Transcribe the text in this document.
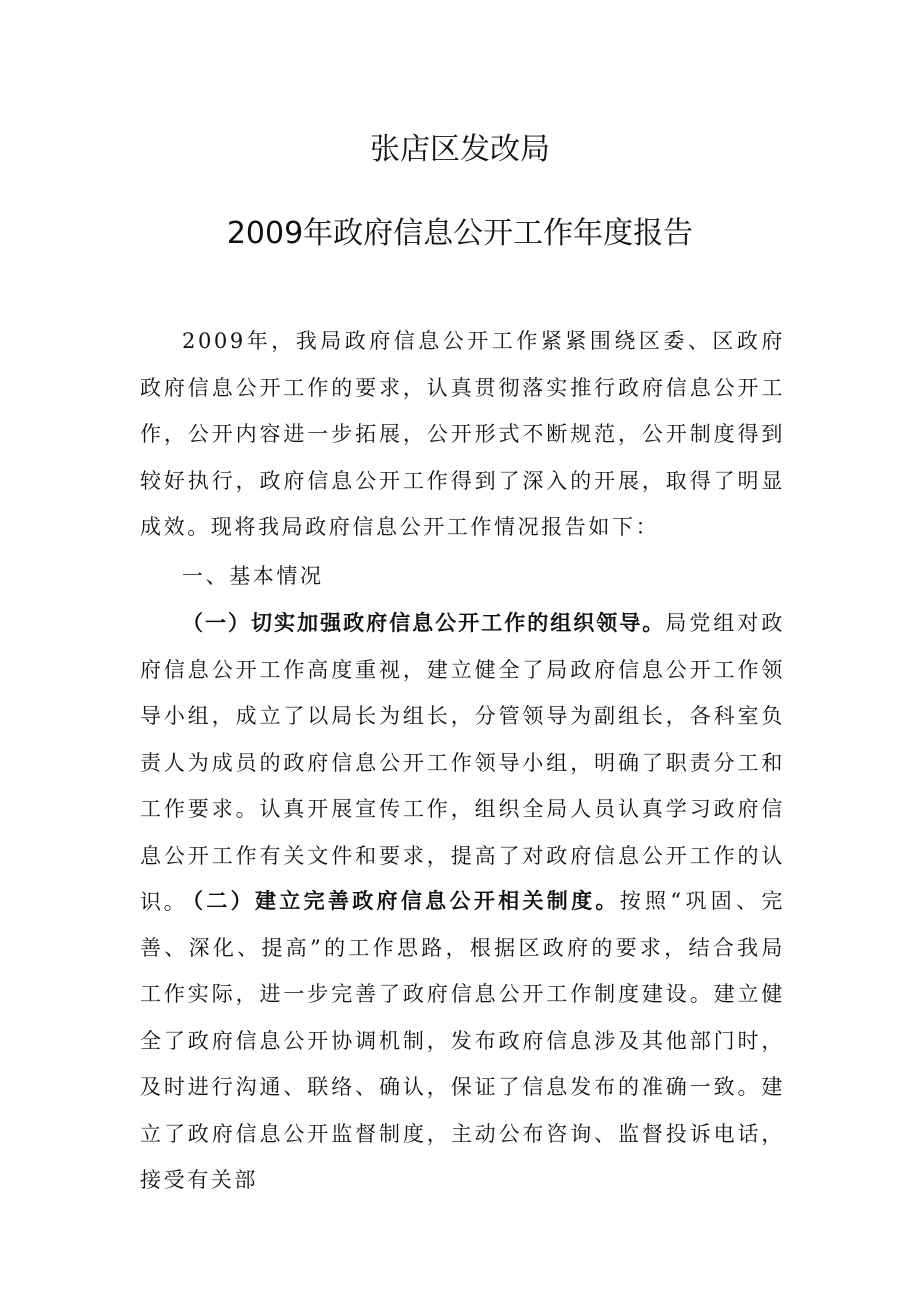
张店区发改局
2009年政府信息公开工作年度报告

2009年，我局政府信息公开工作紧紧围绕区委、区政府政府信息公开工作的要求，认真贯彻落实推行政府信息公开工作，公开内容进一步拓展，公开形式不断规范，公开制度得到较好执行，政府信息公开工作得到了深入的开展，取得了明显成效。现将我局政府信息公开工作情况报告如下：

一、基本情况

（一）切实加强政府信息公开工作的组织领导。局党组对政府信息公开工作高度重视，建立健全了局政府信息公开工作领导小组，成立了以局长为组长，分管领导为副组长，各科室负责人为成员的政府信息公开工作领导小组，明确了职责分工和工作要求。认真开展宣传工作，组织全局人员认真学习政府信息公开工作有关文件和要求，提高了对政府信息公开工作的认识。

（二）建立完善政府信息公开相关制度。按照“巩固、完善、深化、提高”的工作思路，根据区政府的要求，结合我局工作实际，进一步完善了政府信息公开工作制度建设。建立健全了政府信息公开协调机制，发布政府信息涉及其他部门时，及时进行沟通、联络、确认，保证了信息发布的准确一致。建立了政府信息公开监督制度，主动公布咨询、监督投诉电话，接受有关部
